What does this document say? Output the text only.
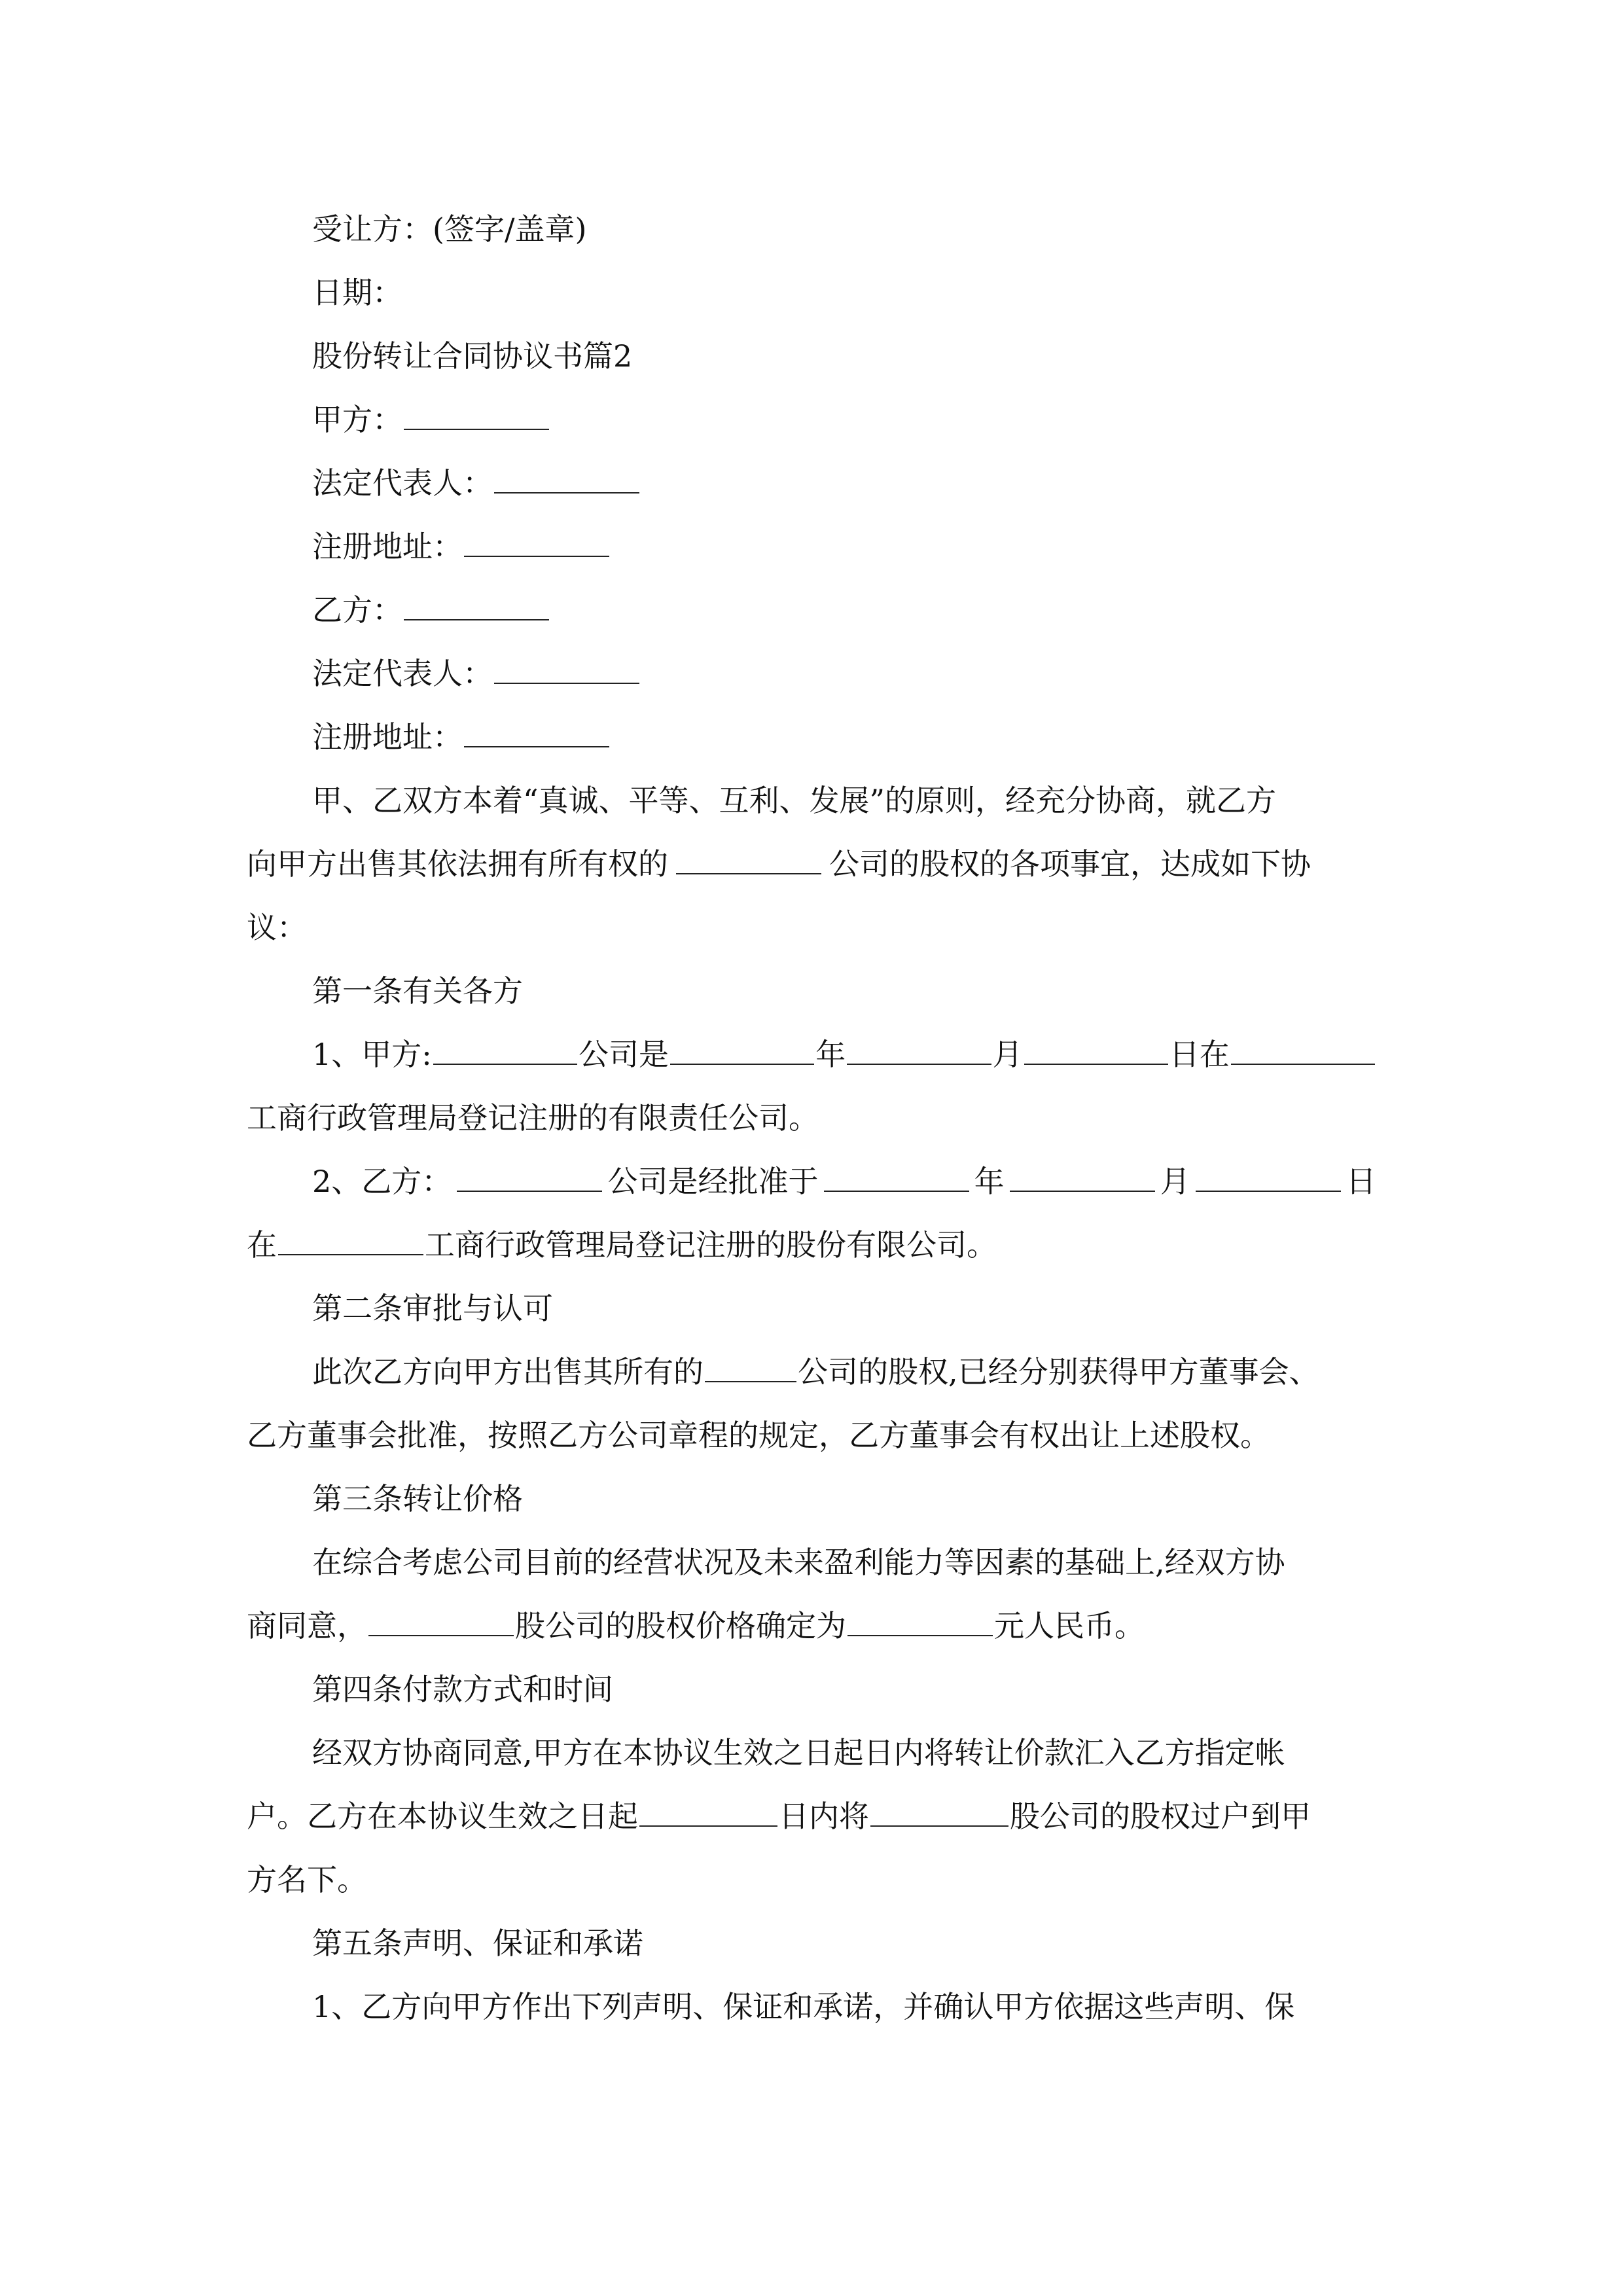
受让方：(签字/盖章)
日期：
股份转让合同协议书篇2
甲方：
法定代表人：
注册地址：
乙方：
法定代表人：
注册地址：
甲、乙双方本着“真诚、平等、互利、发展”的原则，经充分协商，就乙方
向甲方出售其依法拥有所有权的	公司的股权的各项事宜，达成如下协
议：
第一条有关各方
1、甲方:	公司是	年	月	日在
工商行政管理局登记注册的有限责任公司。
2、乙方：	公司是经批准于	年	月	日
在	工商行政管理局登记注册的股份有限公司。
第二条审批与认可
此次乙方向甲方出售其所有的	公司的股权,已经分别获得甲方董事会、
乙方董事会批准，按照乙方公司章程的规定，乙方董事会有权出让上述股权。
第三条转让价格
在综合考虑公司目前的经营状况及未来盈利能力等因素的基础上,经双方协
商同意，	股公司的股权价格确定为	元人民币。
第四条付款方式和时间
经双方协商同意,甲方在本协议生效之日起日内将转让价款汇入乙方指定帐
户。乙方在本协议生效之日起	日内将	股公司的股权过户到甲
方名下。
第五条声明、保证和承诺
1、乙方向甲方作出下列声明、保证和承诺，并确认甲方依据这些声明、保
